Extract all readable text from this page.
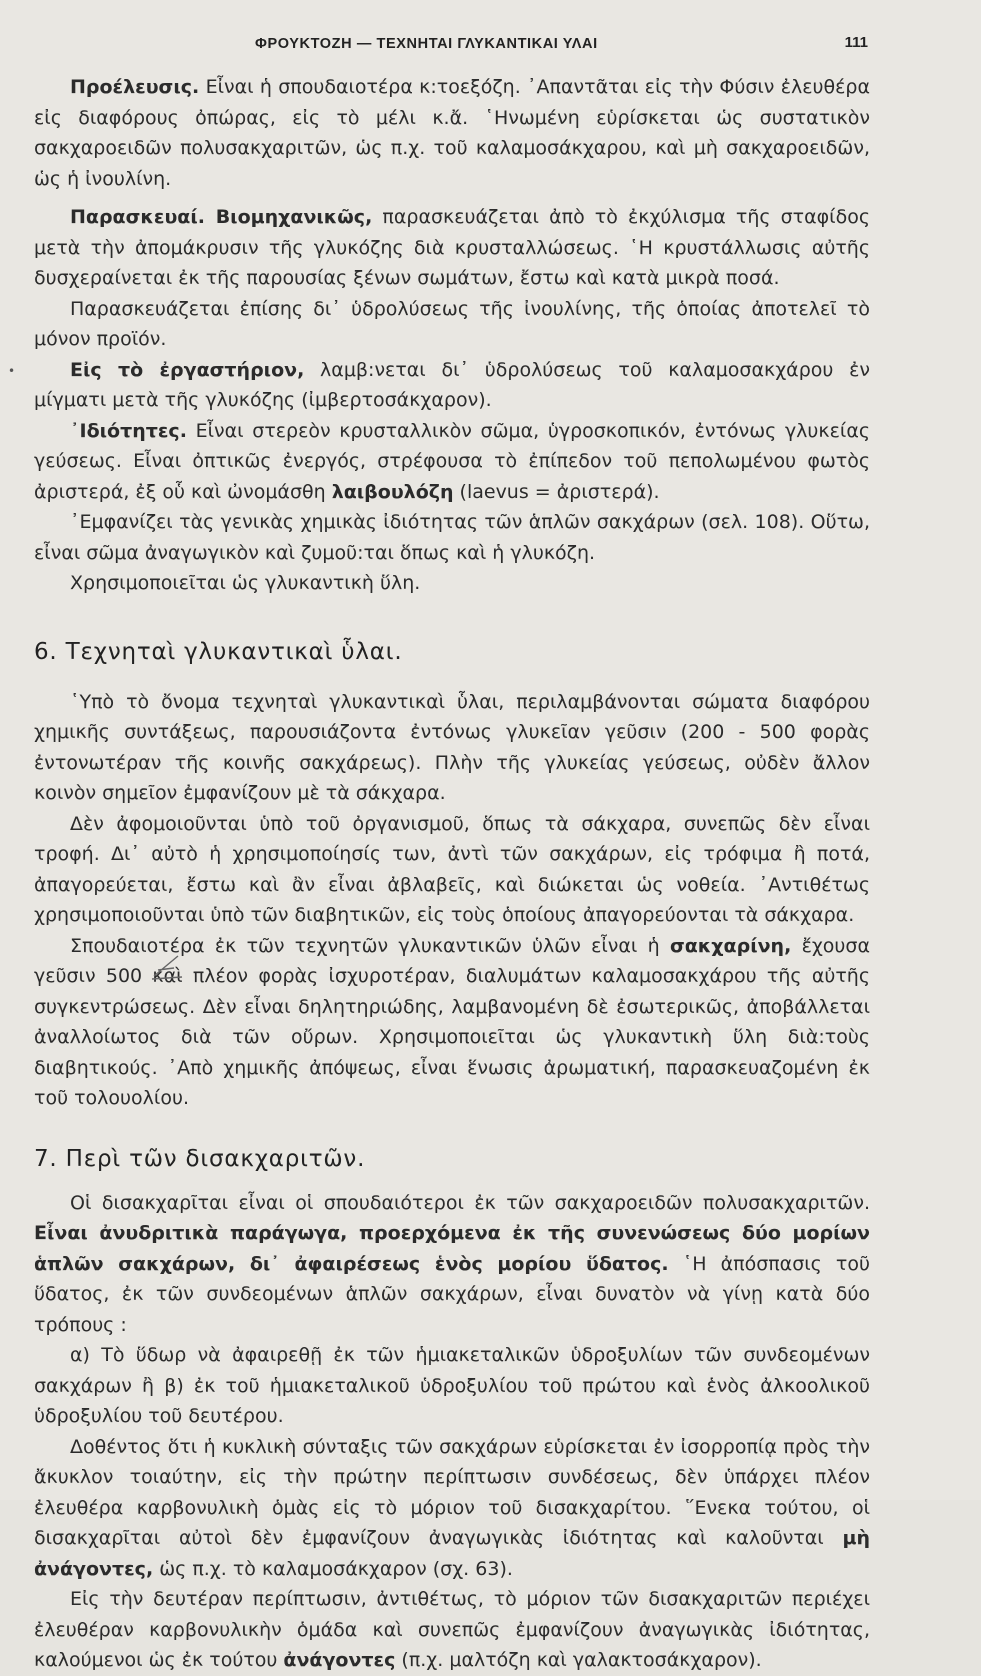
ΦΡΟΥΚΤΟΖΗ — ΤΕΧΝΗΤΑΙ ΓΛΥΚΑΝΤΙΚΑΙ ΥΛΑΙ	111
•

Προέλευσις. Εἶναι ἡ σπουδαιοτέρα κ:τοεξόζη. ᾿Απαντᾶται εἰς τὴν Φύσιν ἐλευθέρα εἰς διαφόρους ὀπώρας, εἰς τὸ μέλι κ.ἄ. ῾Ηνωμένη εὑρίσκεται ὡς συστατικὸν σακχαροειδῶν πολυσακχαριτῶν, ὡς π.χ. τοῦ καλαμοσάκχαρου, καὶ μὴ σακχαροειδῶν, ὡς ἡ ἰνουλίνη.

Παρασκευαί. Βιομηχανικῶς, παρασκευάζεται ἀπὸ τὸ ἐκχύλισμα τῆς σταφίδος μετὰ τὴν ἀπομάκρυσιν τῆς γλυκόζης διὰ κρυσταλλώσεως. ῾Η κρυστάλλωσις αὐτῆς δυσχεραίνεται ἐκ τῆς παρουσίας ξένων σωμάτων, ἔστω καὶ κατὰ μικρὰ ποσά.

Παρασκευάζεται ἐπίσης δι᾿ ὑδρολύσεως τῆς ἰνουλίνης, τῆς ὁποίας ἀποτελεῖ τὸ μόνον προϊόν.

Εἰς τὸ ἐργαστήριον, λαμβ:νεται δι᾿ ὑδρολύσεως τοῦ καλαμοσακχάρου ἐν μίγματι μετὰ τῆς γλυκόζης (ἰμβερτοσάκχαρον).

᾿Ιδιότητες. Εἶναι στερεὸν κρυσταλλικὸν σῶμα, ὑγροσκοπικόν, ἐντόνως γλυκείας γεύσεως. Εἶναι ὀπτικῶς ἐνεργός, στρέφουσα τὸ ἐπίπεδον τοῦ πεπολωμένου φωτὸς ἀριστερά, ἐξ οὗ καὶ ὠνομάσθη λαιβουλόζη (laevus = ἀριστερά).

᾿Εμφανίζει τὰς γενικὰς χημικὰς ἰδιότητας τῶν ἁπλῶν σακχάρων (σελ. 108). Οὕτω, εἶναι σῶμα ἀναγωγικὸν καὶ ζυμοῦ:ται ὅπως καὶ ἡ γλυκόζη.

Χρησιμοποιεῖται ὡς γλυκαντικὴ ὕλη.

6. Τεχνηταὶ γλυκαντικαὶ ὗλαι.

῾Υπὸ τὸ ὄνομα τεχνηταὶ γλυκαντικαὶ ὗλαι, περιλαμβάνονται σώματα διαφόρου χημικῆς συντάξεως, παρουσιάζοντα ἐντόνως γλυκεῖαν γεῦσιν (200 - 500 φορὰς ἐντονωτέραν τῆς κοινῆς σακχάρεως). Πλὴν τῆς γλυκείας γεύσεως, οὐδὲν ἄλλον κοινὸν σημεῖον ἐμφανίζουν μὲ τὰ σάκχαρα.

Δὲν ἀφομοιοῦνται ὑπὸ τοῦ ὀργανισμοῦ, ὅπως τὰ σάκχαρα, συνεπῶς δὲν εἶναι τροφή. Δι᾿ αὐτὸ ἡ χρησιμοποίησίς των, ἀντὶ τῶν σακχάρων, εἰς τρόφιμα ἢ ποτά, ἀπαγορεύεται, ἔστω καὶ ἂν εἶναι ἀβλαβεῖς, καὶ διώκεται ὡς νοθεία. ᾿Αντιθέτως χρησιμοποιοῦνται ὑπὸ τῶν διαβητικῶν, εἰς τοὺς ὁποίους ἀπαγορεύονται τὰ σάκχαρα.

Σπουδαιοτέρα ἐκ τῶν τεχνητῶν γλυκαντικῶν ὑλῶν εἶναι ἡ σακχαρίνη, ἔχουσα γεῦσιν 500 καὶ πλέον φορὰς ἰσχυροτέραν, διαλυμάτων καλαμοσακχάρου τῆς αὐτῆς συγκεντρώσεως. Δὲν εἶναι δηλητηριώδης, λαμβανομένη δὲ ἐσωτερικῶς, ἀποβάλλεται ἀναλλοίωτος διὰ τῶν οὔρων. Χρησιμοποιεῖται ὡς γλυκαντικὴ ὕλη διὰ:τοὺς διαβητικούς. ᾿Απὸ χημικῆς ἀπόψεως, εἶναι ἕνωσις ἀρωματική, παρασκευαζομένη ἐκ τοῦ τολουολίου.

7. Περὶ τῶν δισακχαριτῶν.

Οἱ δισακχαρῖται εἶναι οἱ σπουδαιότεροι ἐκ τῶν σακχαροειδῶν πολυσακχαριτῶν. Εἶναι ἀνυδριτικὰ παράγωγα, προερχόμενα ἐκ τῆς συνενώσεως δύο μορίων ἁπλῶν σακχάρων, δι᾿ ἀφαιρέσεως ἑνὸς μορίου ὕδατος. ῾Η ἀπόσπασις τοῦ ὕδατος, ἐκ τῶν συνδεομένων ἁπλῶν σακχάρων, εἶναι δυνατὸν νὰ γίνῃ κατὰ δύο τρόπους :

α) Τὸ ὕδωρ νὰ ἀφαιρεθῇ ἐκ τῶν ἡμιακεταλικῶν ὑδροξυλίων τῶν συνδεομένων σακχάρων ἢ β) ἐκ τοῦ ἡμιακεταλικοῦ ὑδροξυλίου τοῦ πρώτου καὶ ἑνὸς ἀλκοολικοῦ ὑδροξυλίου τοῦ δευτέρου.

Δοθέντος ὅτι ἡ κυκλικὴ σύνταξις τῶν σακχάρων εὑρίσκεται ἐν ἰσορροπίᾳ πρὸς τὴν ἄκυκλον τοιαύτην, εἰς τὴν πρώτην περίπτωσιν συνδέσεως, δὲν ὑπάρχει πλέον ἐλευθέρα καρβονυλικὴ ὁμὰς εἰς τὸ μόριον τοῦ δισακχαρίτου. ῞Ενεκα τούτου, οἱ δισακχαρῖται αὐτοὶ δὲν ἐμφανίζουν ἀναγωγικὰς ἰδιότητας καὶ καλοῦνται μὴ ἀνάγοντες, ὡς π.χ. τὸ καλαμοσάκχαρον (σχ. 63).

Εἰς τὴν δευτέραν περίπτωσιν, ἀντιθέτως, τὸ μόριον τῶν δισακχαριτῶν περιέχει ἐλευθέραν καρβονυλικὴν ὁμάδα καὶ συνεπῶς ἐμφανίζουν ἀναγωγικὰς ἰδιότητας, καλούμενοι ὡς ἐκ τούτου ἀνάγοντες (π.χ. μαλτόζη καὶ γαλακτοσάκχαρον).
